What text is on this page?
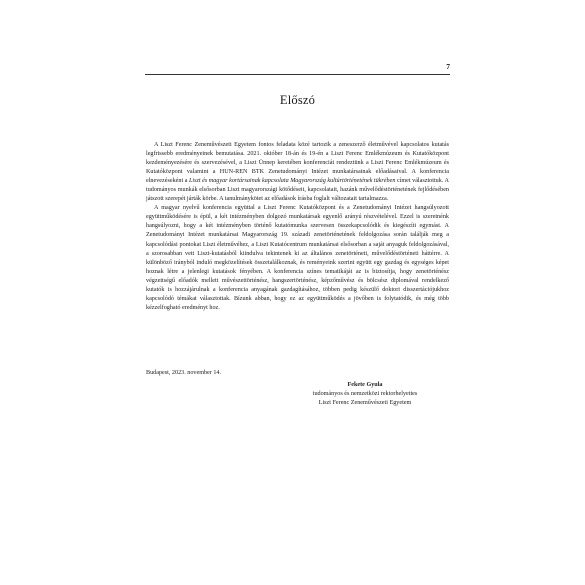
7
Előszó

A Liszt Ferenc Zeneművészeti Egyetem fontos feladata közé tartozik a zeneszerző életművével kapcsolatos kutatás legfrissebb eredményeinek bemutatása. 2021. október 18-án és 19-én a Liszt Ferenc Emlékmúzeum és Kutatóközpont kezdeményezésére és szervezésével, a Liszt Ünnep keretében konferenciát rendeztünk a Liszt Ferenc Emlékmúzeum és Kutatóközpont valamint a HUN-REN BTK Zenetudományi Intézet munkatársainak előadásaival. A konferencia elnevezéseként a Liszt és magyar kortársainak kapcsolata Magyarország kultúrtörténetének tükrében címet választottuk. A tudományos munkák elsősorban Liszt magyarországi kötődéseit, kapcsolatait, hazánk művelődéstörténetének fejlődésében játszott szerepét járták körbe. A tanulmánykötet az előadások írásba foglalt változatait tartalmazza.

A magyar nyelvű konferencia együttal a Liszt Ferenc Kutatóközpont és a Zenetudományi Intézet hangsúlyozott együttműködésére is épül, a két intézményben dolgozó munkatársak egyenlő arányú részvételével. Ezzel is szeretnénk hangsúlyozni, hogy a két intézményben történő kutatómunka szervesen összekapcsolódik és kiegészíti egymást. A Zenetudományi Intézet munkatársai Magyarország 19. századi zenetörténetének feldolgozása során találják meg a kapcsolódási pontokat Liszt életművéhez, a Liszt Kutatócentrum munkatársai elsősorban a saját anyaguk feldolgozásával, a szorosabban vett Liszt-kutatásból kiindulva tekintenek ki az általános zenetörténeti, művelődéstörténeti háttérre. A különböző irányból induló megközelítések összetalálkoznak, és reményeink szerint együtt egy gazdag és egységes képet hoznak létre a jelenlegi kutatások fényében. A konferencia színes tematikáját az is biztosítja, hogy zenetörténész végzettségű előadók mellett művészettörténész, hangszertörténész, képzőművész és bölcsész diplomával rendelkező kutatók is hozzájárulnak a konferencia anyagának gazdagításához, többen pedig készülő doktori disszertációjukhoz kapcsolódó témákat választottak. Bízunk abban, hogy ez az együttműködés a jövőben is folytatódik, és még több kézzelfogható eredményt hoz.

Budapest, 2023. november 14.
Fekete Gyula
tudományos és nemzetközi rektorhelyettes
Liszt Ferenc Zeneművészeti Egyetem
